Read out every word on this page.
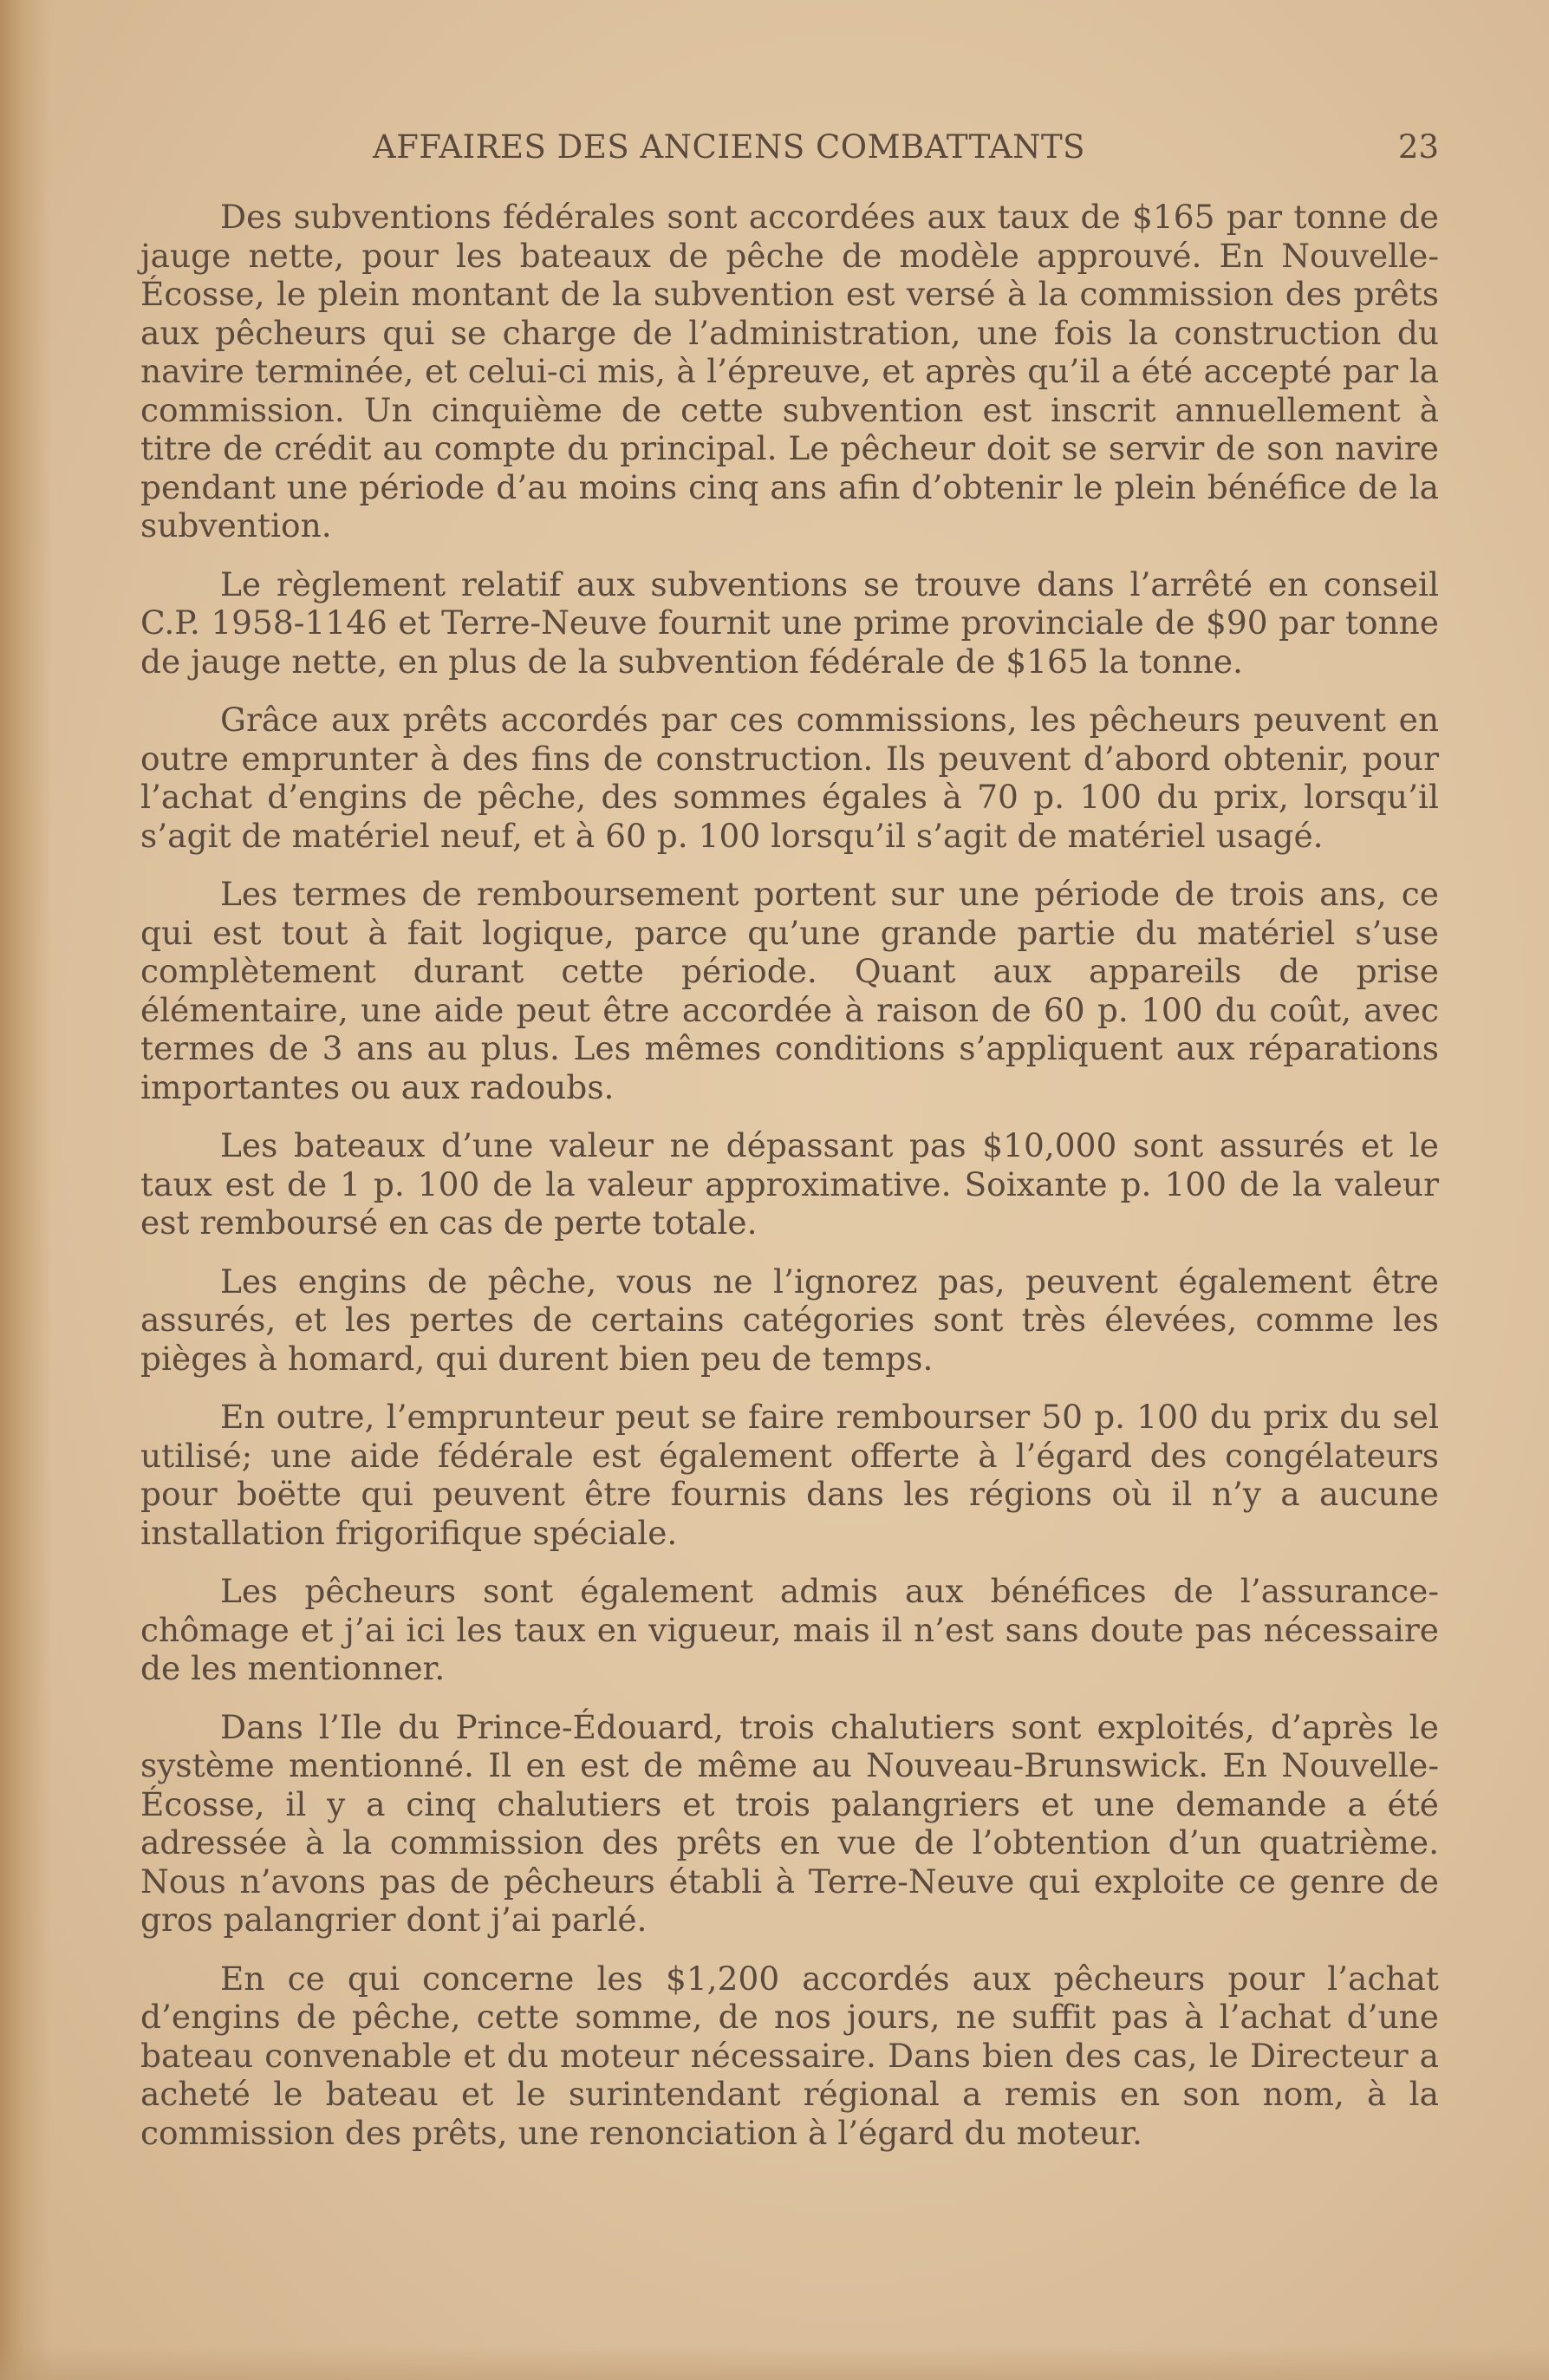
AFFAIRES DES ANCIENS COMBATTANTS	23

Des subventions fédérales sont accordées aux taux de $165 par tonne de jauge nette, pour les bateaux de pêche de modèle approuvé. En Nouvelle-Écosse, le plein montant de la subvention est versé à la commission des prêts aux pêcheurs qui se charge de l’administration, une fois la construction du navire terminée, et celui-ci mis, à l’épreuve, et après qu’il a été accepté par la commission. Un cinquième de cette subvention est inscrit annuellement à titre de crédit au compte du principal. Le pêcheur doit se servir de son navire pendant une période d’au moins cinq ans afin d’obtenir le plein bénéfice de la subvention.

Le règlement relatif aux subventions se trouve dans l’arrêté en conseil C.P. 1958-1146 et Terre-Neuve fournit une prime provinciale de $90 par tonne de jauge nette, en plus de la subvention fédérale de $165 la tonne.

Grâce aux prêts accordés par ces commissions, les pêcheurs peuvent en outre emprunter à des fins de construction. Ils peuvent d’abord obtenir, pour l’achat d’engins de pêche, des sommes égales à 70 p. 100 du prix, lorsqu’il s’agit de matériel neuf, et à 60 p. 100 lorsqu’il s’agit de matériel usagé.

Les termes de remboursement portent sur une période de trois ans, ce qui est tout à fait logique, parce qu’une grande partie du matériel s’use complètement durant cette période. Quant aux appareils de prise élémentaire, une aide peut être accordée à raison de 60 p. 100 du coût, avec termes de 3 ans au plus. Les mêmes conditions s’appliquent aux réparations importantes ou aux radoubs.

Les bateaux d’une valeur ne dépassant pas $10,000 sont assurés et le taux est de 1 p. 100 de la valeur approximative. Soixante p. 100 de la valeur est remboursé en cas de perte totale.

Les engins de pêche, vous ne l’ignorez pas, peuvent également être assurés, et les pertes de certains catégories sont très élevées, comme les pièges à homard, qui durent bien peu de temps.

En outre, l’emprunteur peut se faire rembourser 50 p. 100 du prix du sel utilisé; une aide fédérale est également offerte à l’égard des congélateurs pour boëtte qui peuvent être fournis dans les régions où il n’y a aucune installation frigorifique spéciale.

Les pêcheurs sont également admis aux bénéfices de l’assurance-chômage et j’ai ici les taux en vigueur, mais il n’est sans doute pas nécessaire de les mentionner.

Dans l’Ile du Prince-Édouard, trois chalutiers sont exploités, d’après le système mentionné. Il en est de même au Nouveau-Brunswick. En Nouvelle-Écosse, il y a cinq chalutiers et trois palangriers et une demande a été adressée à la commission des prêts en vue de l’obtention d’un quatrième. Nous n’avons pas de pêcheurs établi à Terre-Neuve qui exploite ce genre de gros palangrier dont j’ai parlé.

En ce qui concerne les $1,200 accordés aux pêcheurs pour l’achat d’engins de pêche, cette somme, de nos jours, ne suffit pas à l’achat d’une bateau convenable et du moteur nécessaire. Dans bien des cas, le Directeur a acheté le bateau et le surintendant régional a remis en son nom, à la commission des prêts, une renonciation à l’égard du moteur.
